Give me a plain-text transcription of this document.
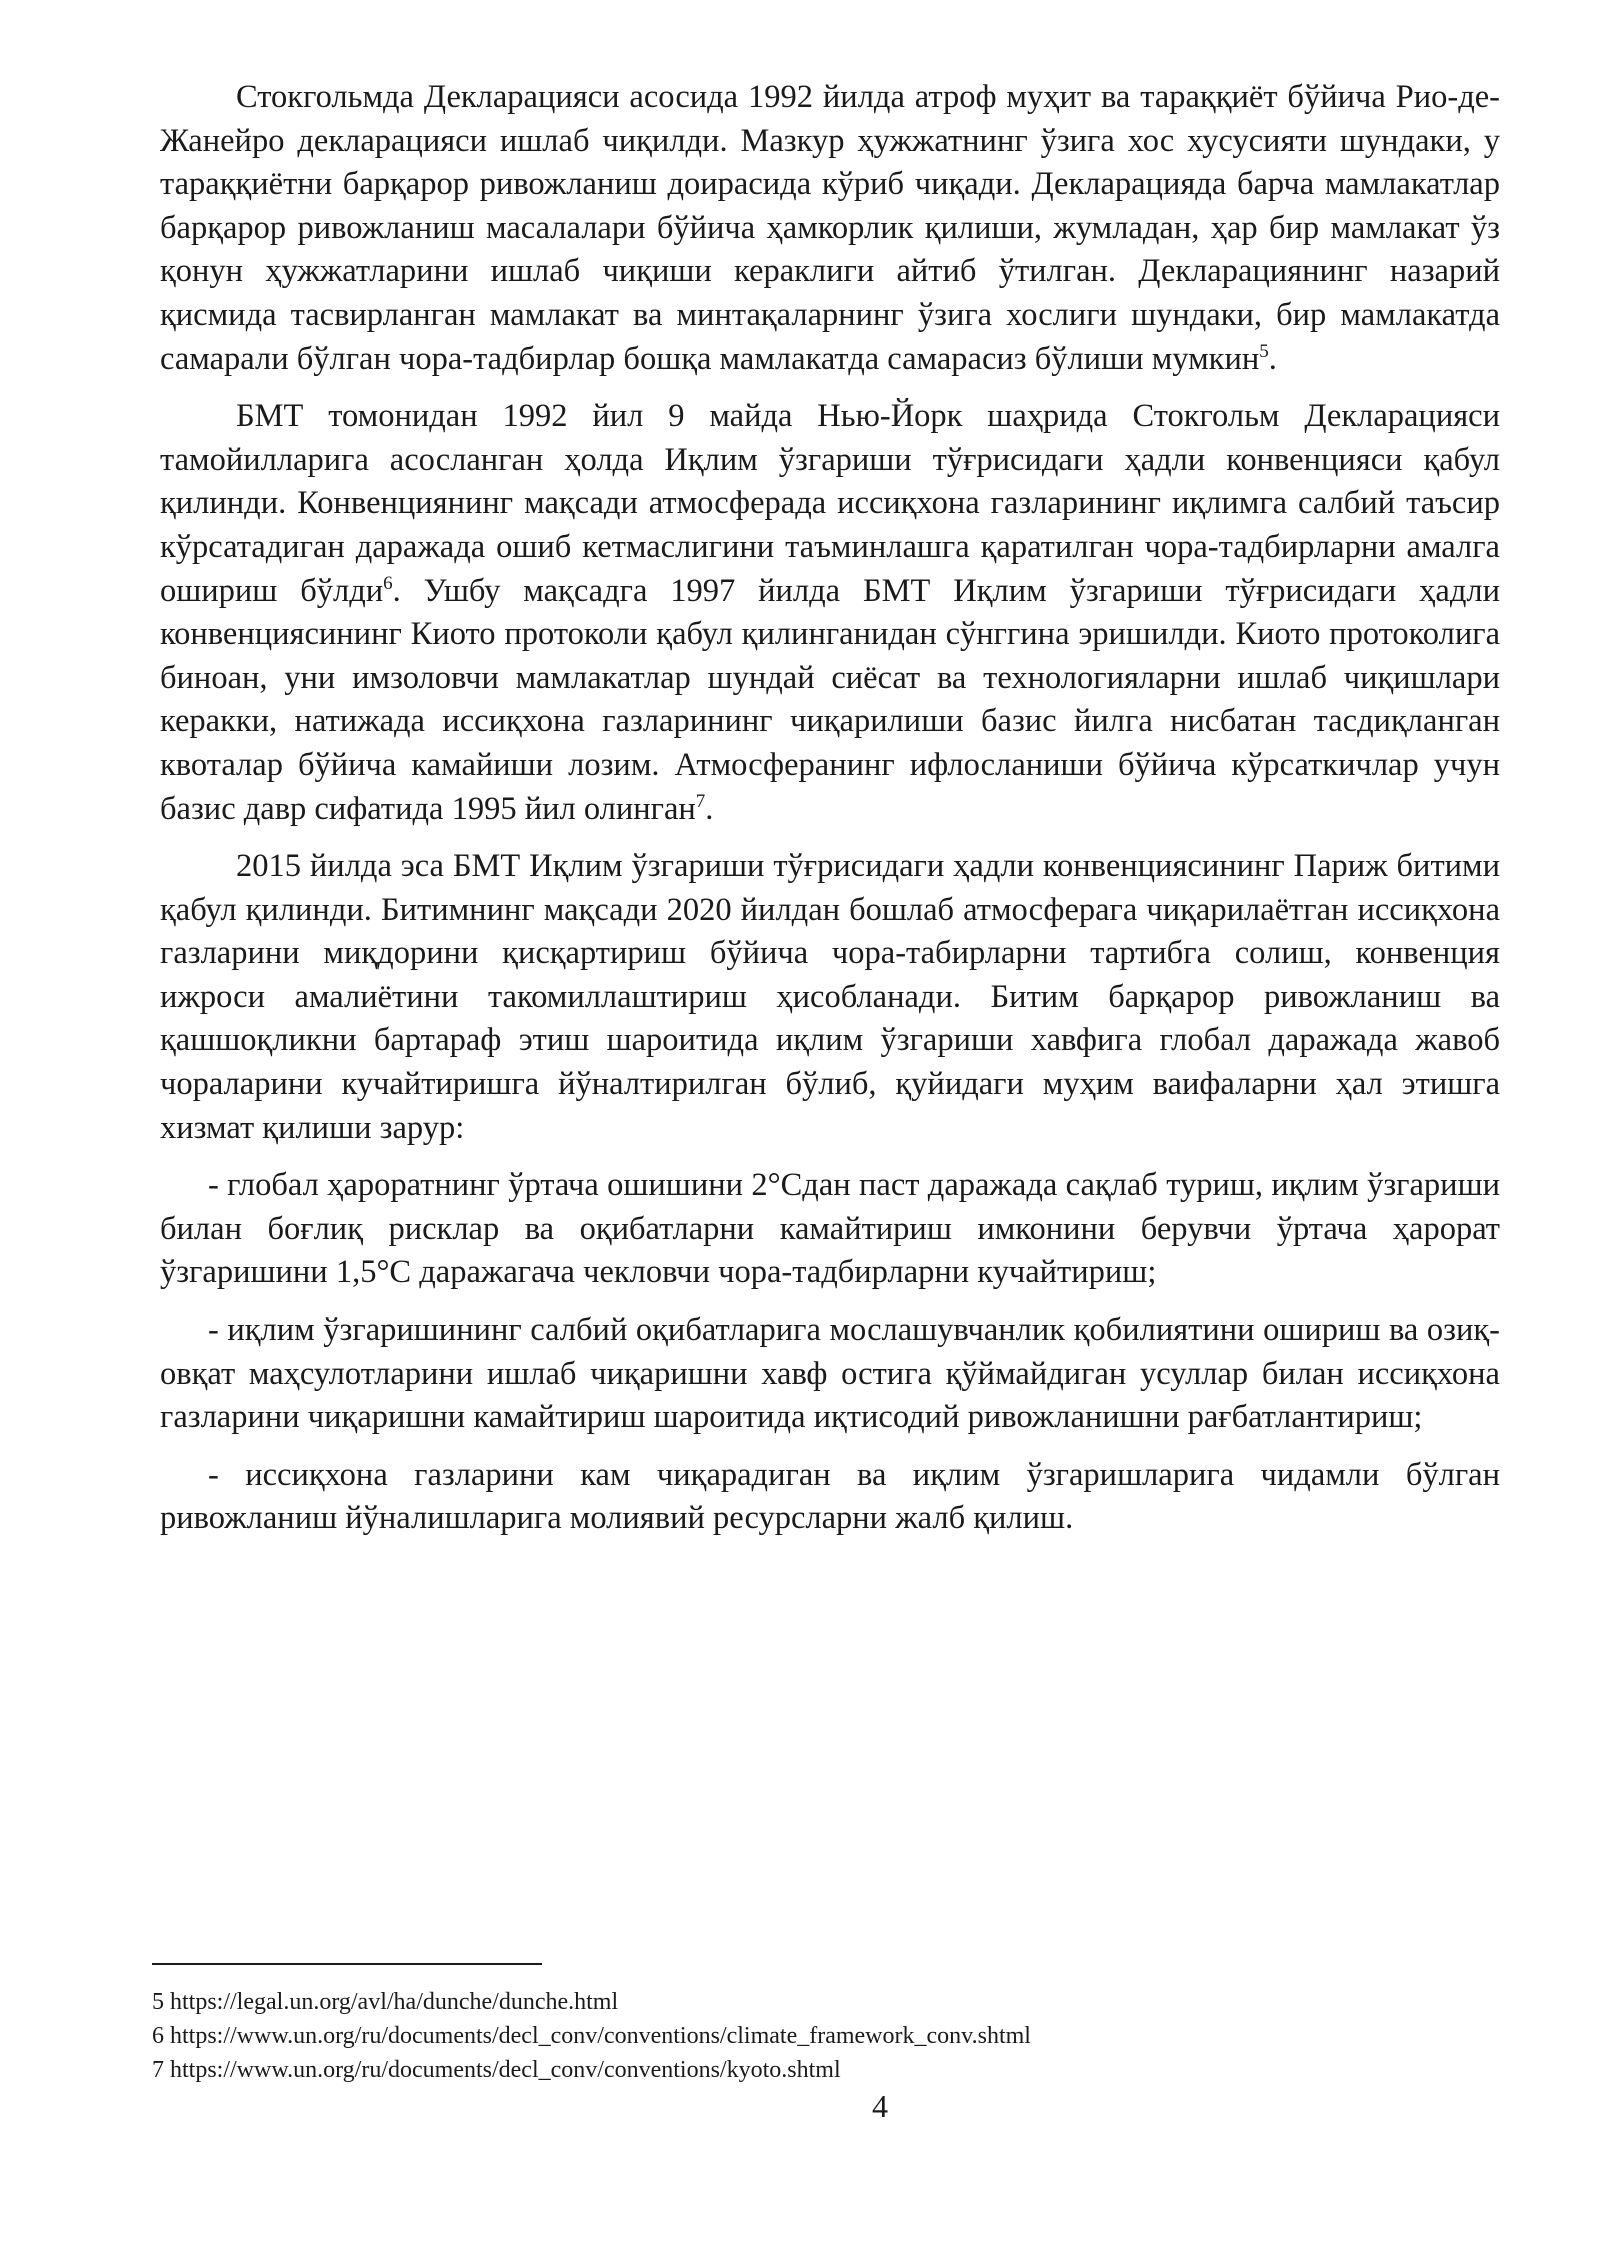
Стокгольмда Декларацияси асосида 1992 йилда атроф муҳит ва тараққиёт бўйича Рио-де-Жанейро декларацияси ишлаб чиқилди. Мазкур ҳужжатнинг ўзига хос хусусияти шундаки, у тараққиётни барқарор ривожланиш доирасида кўриб чиқади. Декларацияда барча мамлакатлар барқарор ривожланиш масалалари бўйича ҳамкорлик қилиши, жумладан, ҳар бир мамлакат ўз қонун ҳужжатларини ишлаб чиқиши кераклиги айтиб ўтилган. Декларациянинг назарий қисмида тасвирланган мамлакат ва минтақаларнинг ўзига хослиги шундаки, бир мамлакатда самарали бўлган чора-тадбирлар бошқа мамлакатда самарасиз бўлиши мумкин$^5$.

БМТ томонидан 1992 йил 9 майда Нью-Йорк шаҳрида Стокгольм Декларацияси тамойилларига асосланган ҳолда Иқлим ўзгариши тўғрисидаги ҳадли конвенцияси қабул қилинди. Конвенциянинг мақсади атмосферада иссиқхона газларининг иқлимга салбий таъсир кўрсатадиган даражада ошиб кетмаслигини таъминлашга қаратилган чора-тадбирларни амалга ошириш бўлди$^6$. Ушбу мақсадга 1997 йилда БМТ Иқлим ўзгариши тўғрисидаги ҳадли конвенциясининг Киото протоколи қабул қилинганидан сўнггина эришилди. Киото протоколига биноан, уни имзоловчи мамлакатлар шундай сиёсат ва технологияларни ишлаб чиқишлари керакки, натижада иссиқхона газларининг чиқарилиши базис йилга нисбатан тасдиқланган квоталар бўйича камайиши лозим. Атмосферанинг ифлосланиши бўйича кўрсаткичлар учун базис давр сифатида 1995 йил олинган$^7$.

2015 йилда эса БМТ Иқлим ўзгариши тўғрисидаги ҳадли конвенциясининг Париж битими қабул қилинди. Битимнинг мақсади 2020 йилдан бошлаб атмосферага чиқарилаётган иссиқхона газларини миқдорини қисқартириш бўйича чора-табирларни тартибга солиш, конвенция ижроси амалиётини такомиллаштириш ҳисобланади. Битим барқарор ривожланиш ва қашшоқликни бартараф этиш шароитида иқлим ўзгариши хавфига глобал даражада жавоб чораларини кучайтиришга йўналтирилган бўлиб, қуйидаги муҳим ваифаларни ҳал этишга хизмат қилиши зарур:

- глобал ҳароратнинг ўртача ошишини 2°Сдан паст даражада сақлаб туриш, иқлим ўзгариши билан боғлиқ рисклар ва оқибатларни камайтириш имконини берувчи ўртача ҳарорат ўзгаришини 1,5°С даражагача чекловчи чора-тадбирларни кучайтириш;

- иқлим ўзгаришининг салбий оқибатларига мослашувчанлик қобилиятини ошириш ва озиқ-овқат маҳсулотларини ишлаб чиқаришни хавф остига қўймайдиган усуллар билан иссиқхона газларини чиқаришни камайтириш шароитида иқтисодий ривожланишни рағбатлантириш;

- иссиқхона газларини кам чиқарадиган ва иқлим ўзгаришларига чидамли бўлган ривожланиш йўналишларига молиявий ресурсларни жалб қилиш.

5 https://legal.un.org/avl/ha/dunche/dunche.html
6 https://www.un.org/ru/documents/decl_conv/conventions/climate_framework_conv.shtml
7 https://www.un.org/ru/documents/decl_conv/conventions/kyoto.shtml
4
